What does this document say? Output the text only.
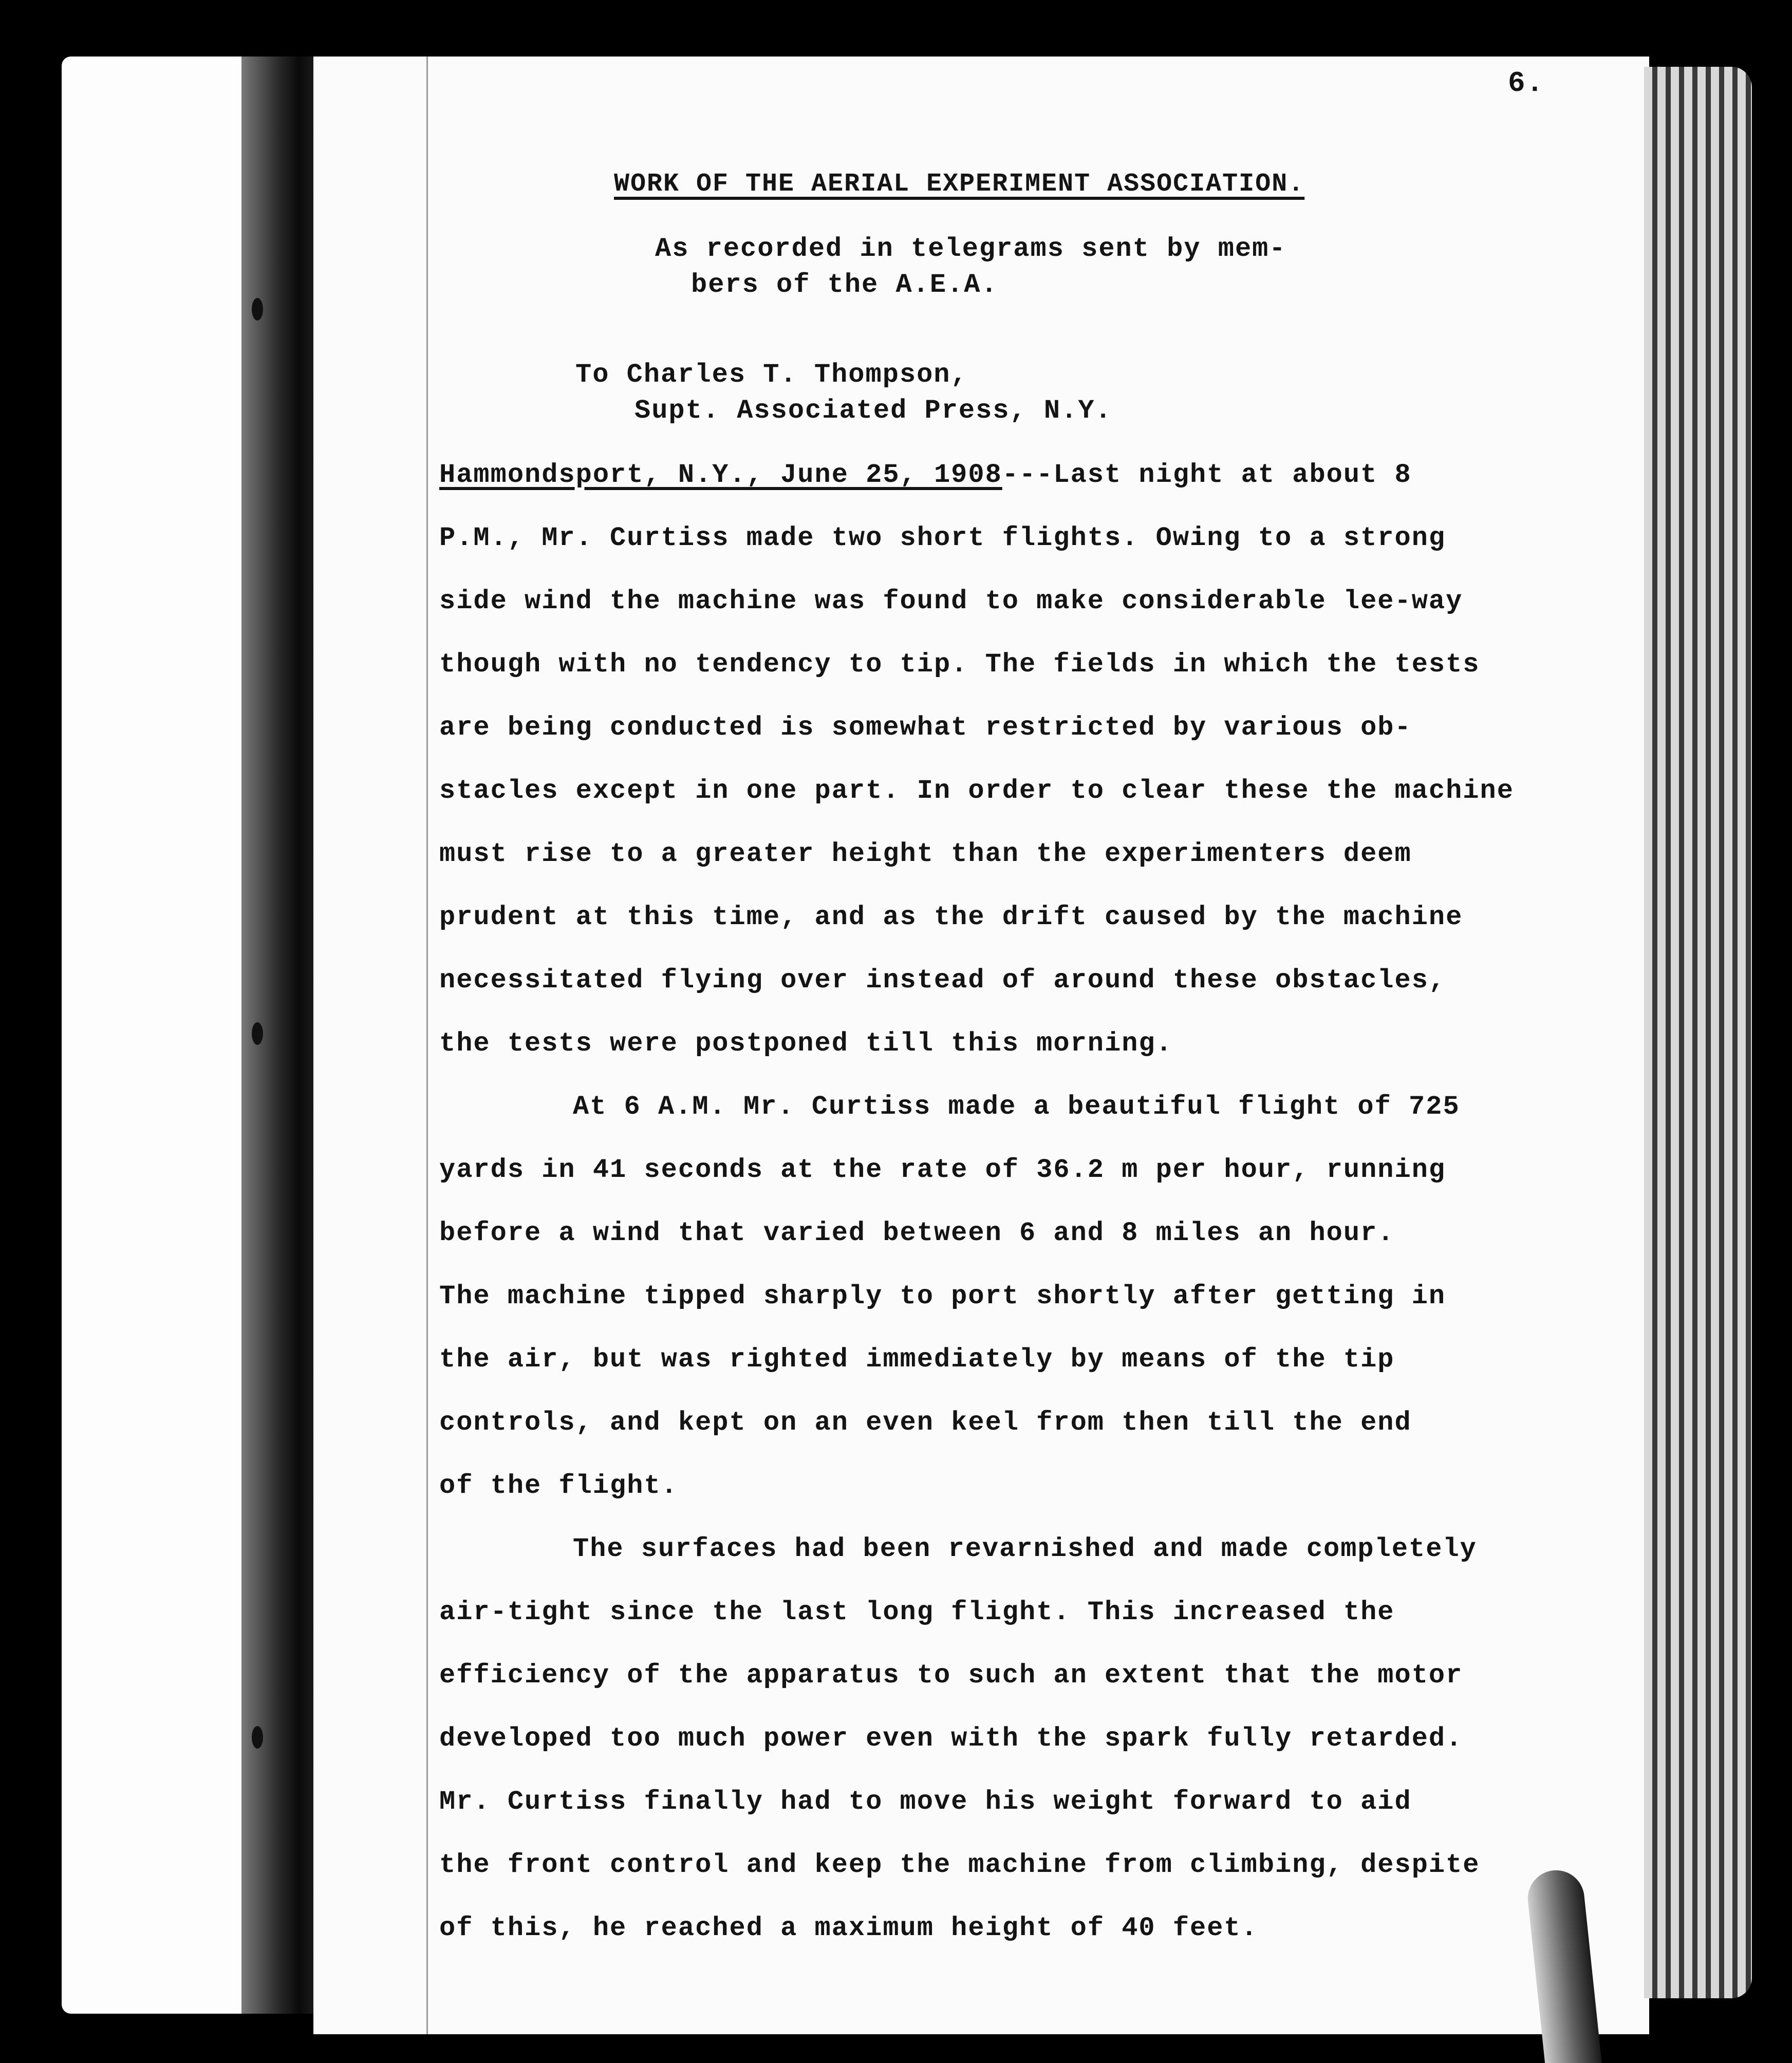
6.
WORK OF THE AERIAL EXPERIMENT ASSOCIATION.
As recorded in telegrams sent by mem-
bers of the A.E.A.
To Charles T. Thompson,
Supt. Associated Press, N.Y.
Hammondsport, N.Y., June 25, 1908---Last night at about 8
P.M., Mr. Curtiss made two short flights. Owing to a strong
side wind the machine was found to make considerable lee-way
though with no tendency to tip. The fields in which the tests
are being conducted is somewhat restricted by various ob-
stacles except in one part. In order to clear these the machine
must rise to a greater height than the experimenters deem
prudent at this time, and as the drift caused by the machine
necessitated flying over instead of around these obstacles,
the tests were postponed till this morning.
At 6 A.M. Mr. Curtiss made a beautiful flight of 725
yards in 41 seconds at the rate of 36.2 m per hour, running
before a wind that varied between 6 and 8 miles an hour.
The machine tipped sharply to port shortly after getting in
the air, but was righted immediately by means of the tip
controls, and kept on an even keel from then till the end
of the flight.
The surfaces had been revarnished and made completely
air-tight since the last long flight. This increased the
efficiency of the apparatus to such an extent that the motor
developed too much power even with the spark fully retarded.
Mr. Curtiss finally had to move his weight forward to aid
the front control and keep the machine from climbing, despite
of this, he reached a maximum height of 40 feet.
